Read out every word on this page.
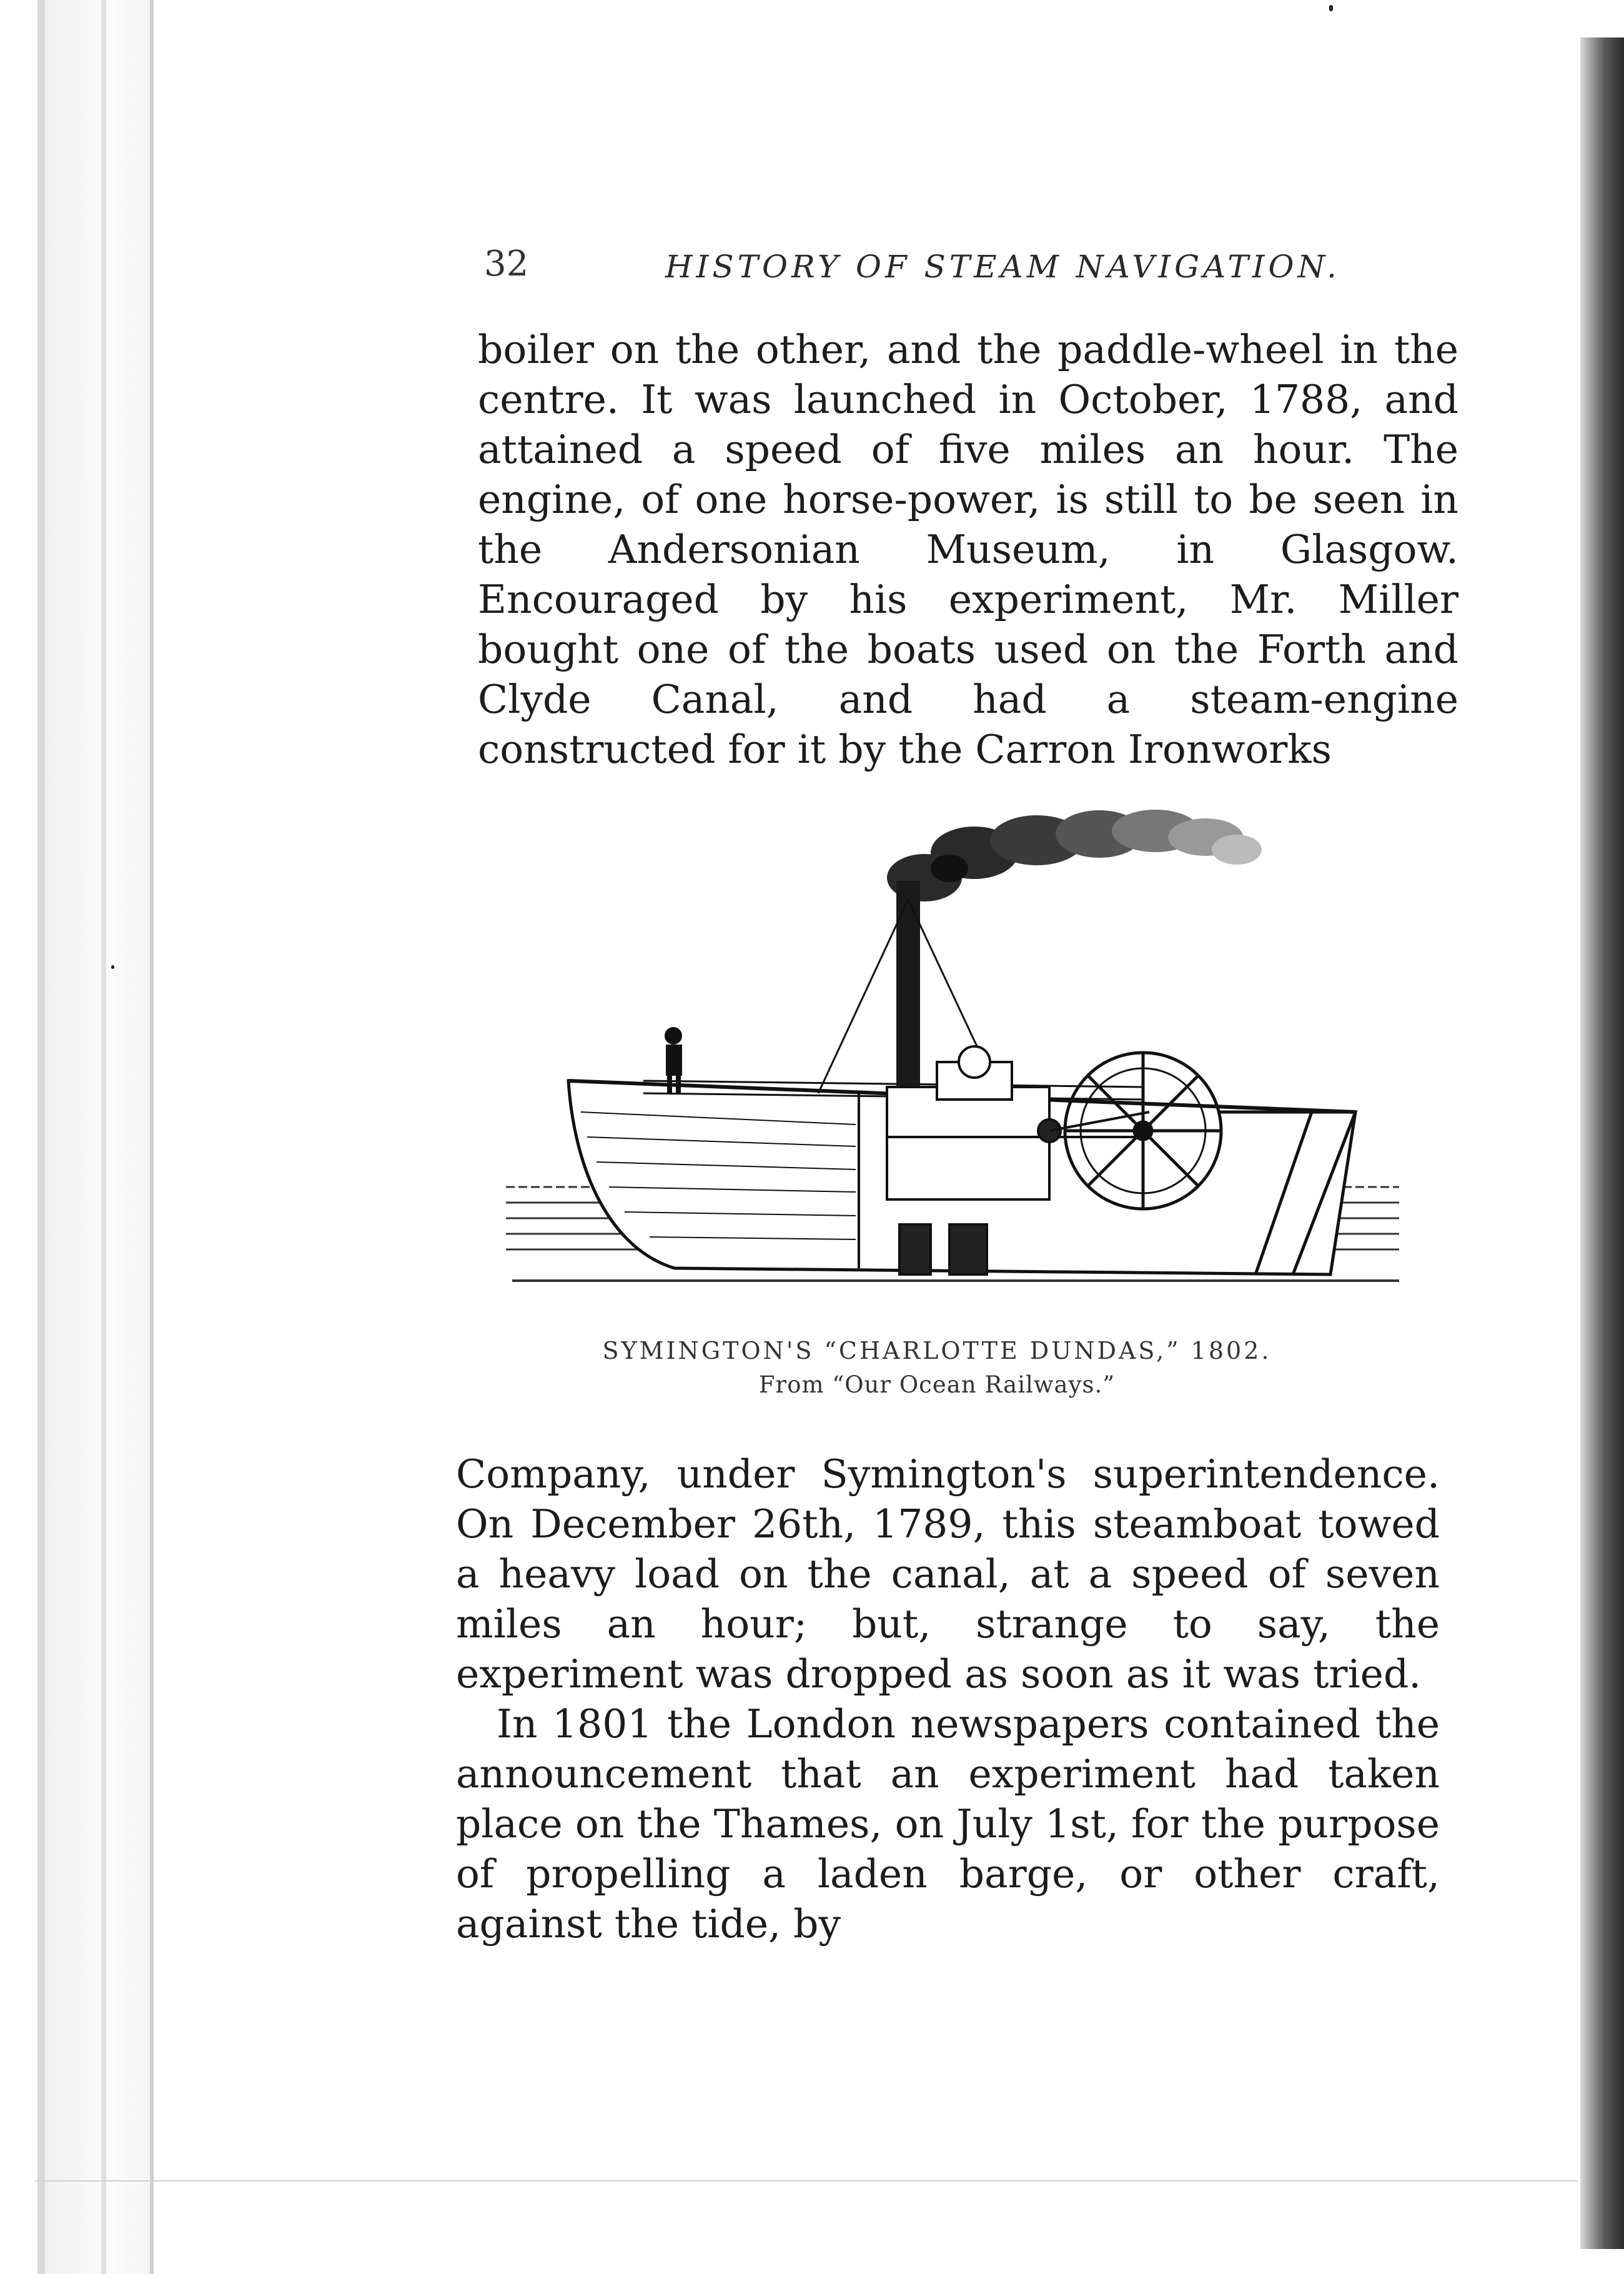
32	HISTORY OF STEAM NAVIGATION.

boiler on the other, and the paddle-wheel in the centre. It was launched in October, 1788, and attained a speed of five miles an hour. The engine, of one horse-power, is still to be seen in the Andersonian Museum, in Glasgow. Encouraged by his experiment, Mr. Miller bought one of the boats used on the Forth and Clyde Canal, and had a steam-engine constructed for it by the Carron Ironworks

SYMINGTON'S “CHARLOTTE DUNDAS,” 1802.
From “Our Ocean Railways.”

Company, under Symington's superintendence. On December 26th, 1789, this steamboat towed a heavy load on the canal, at a speed of seven miles an hour; but, strange to say, the experiment was dropped as soon as it was tried.

In 1801 the London newspapers contained the announcement that an experiment had taken place on the Thames, on July 1st, for the purpose of propelling a laden barge, or other craft, against the tide, by
